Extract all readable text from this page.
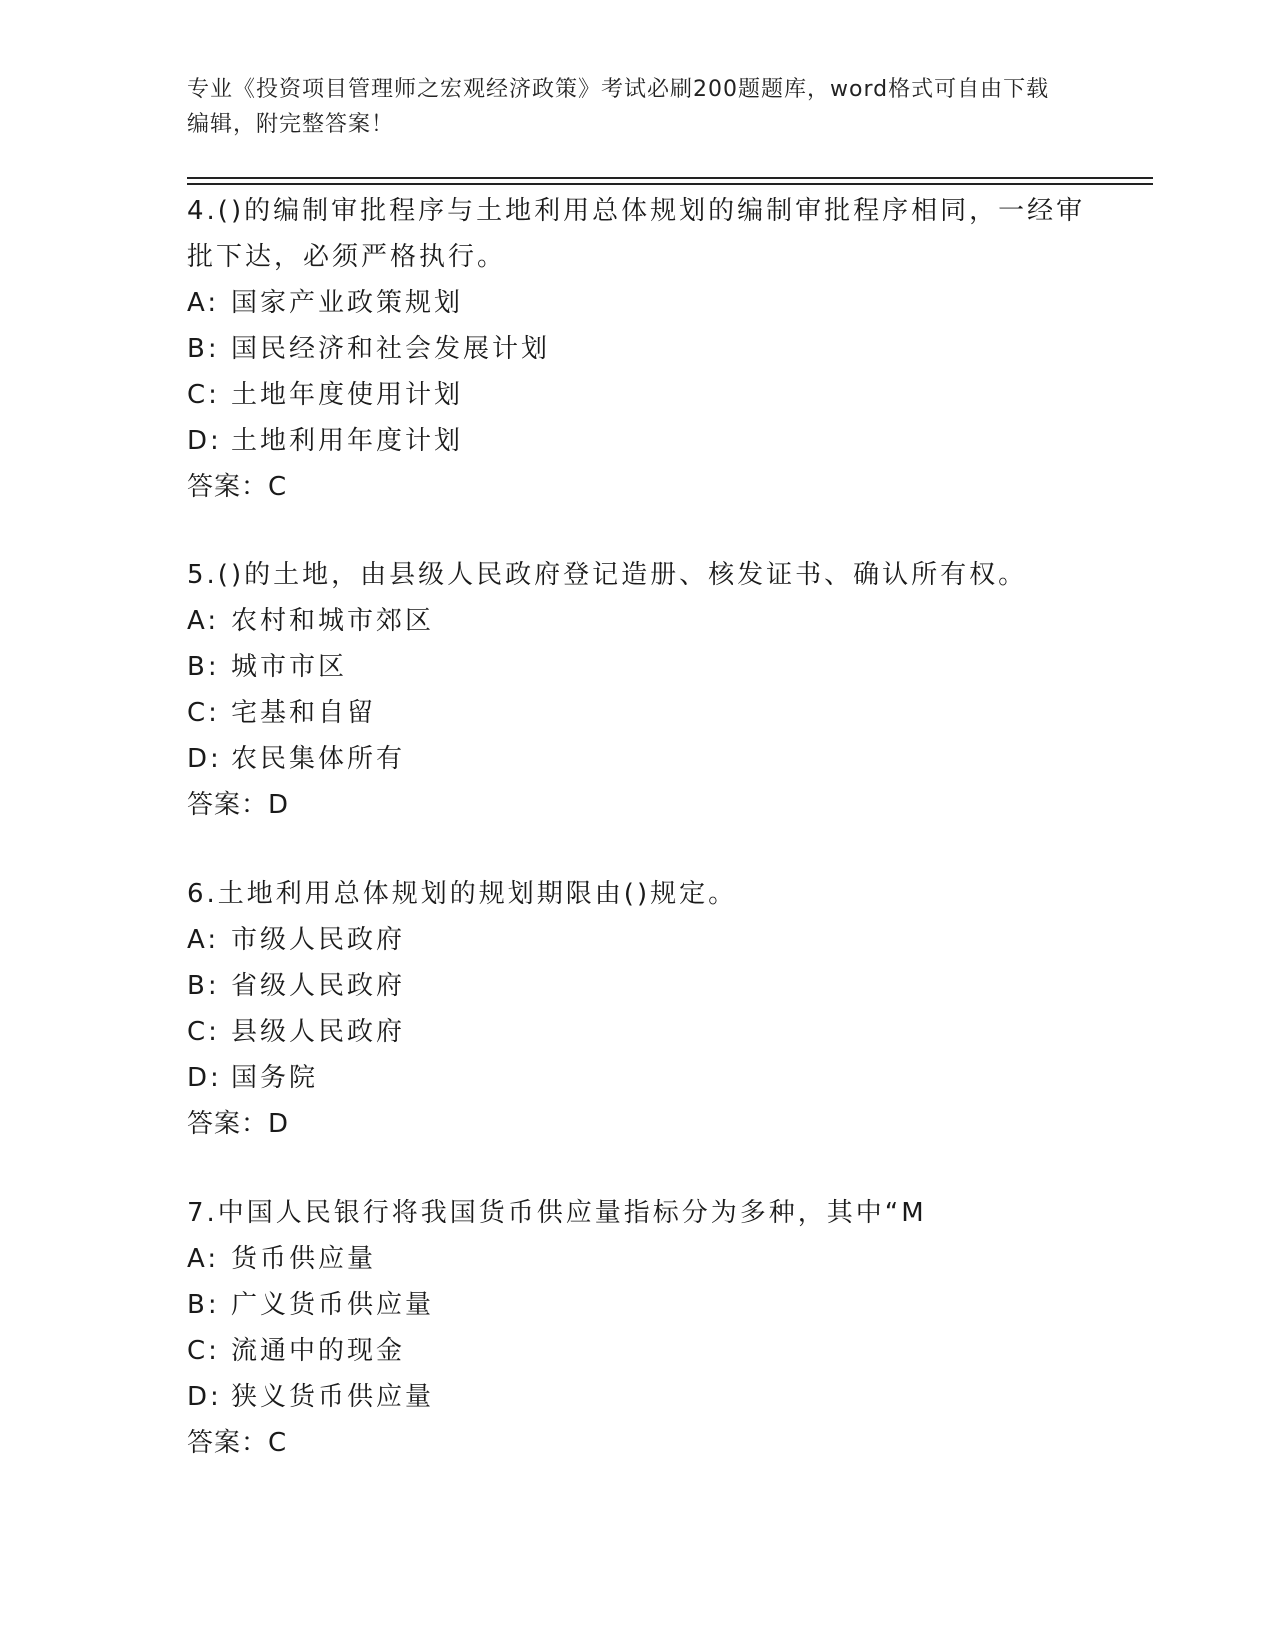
专业《投资项目管理师之宏观经济政策》考试必刷200题题库，word格式可自由下载编辑，附完整答案！
4.()的编制审批程序与土地利用总体规划的编制审批程序相同，一经审批下达，必须严格执行。
A: 国家产业政策规划
B: 国民经济和社会发展计划
C: 土地年度使用计划
D: 土地利用年度计划
答案：C
5.()的土地，由县级人民政府登记造册、核发证书、确认所有权。
A: 农村和城市郊区
B: 城市市区
C: 宅基和自留
D: 农民集体所有
答案：D
6.土地利用总体规划的规划期限由()规定。
A: 市级人民政府
B: 省级人民政府
C: 县级人民政府
D: 国务院
答案：D
7.中国人民银行将我国货币供应量指标分为多种，其中“M
A: 货币供应量
B: 广义货币供应量
C: 流通中的现金
D: 狭义货币供应量
答案：C
